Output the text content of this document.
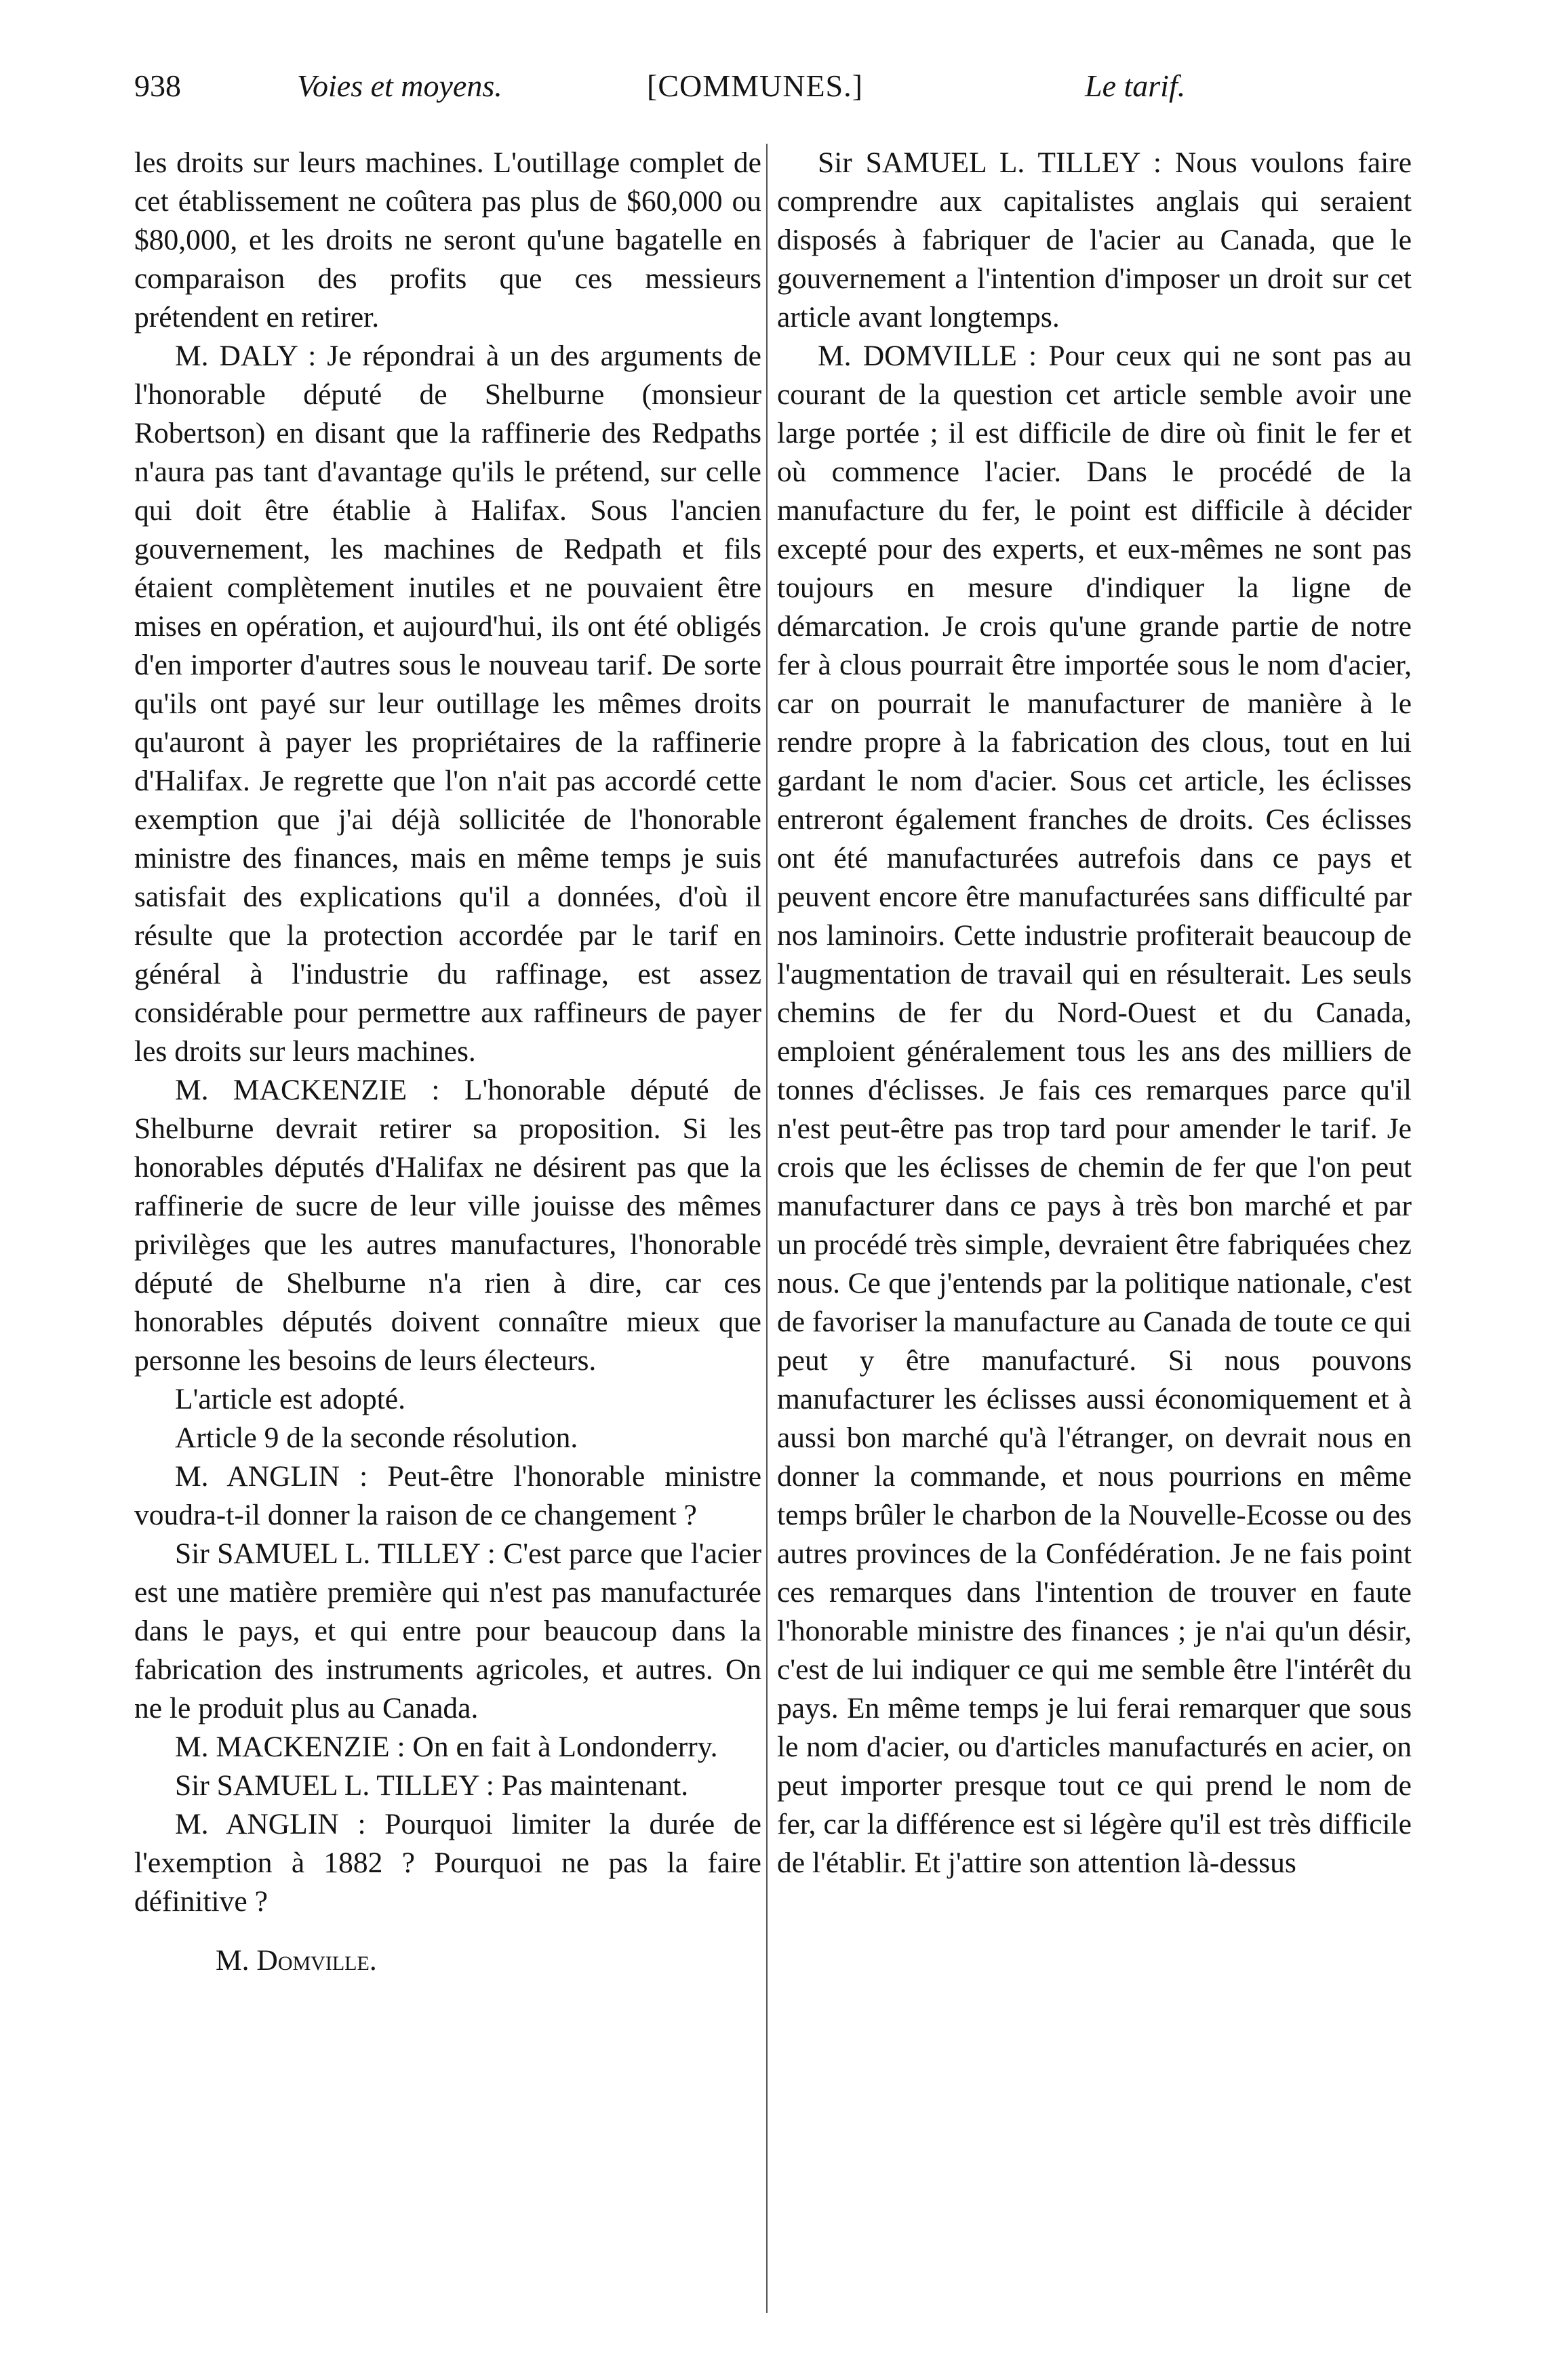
938	Voies et moyens.	[COMMUNES.]	Le tarif.

les droits sur leurs machines. L'outillage complet de cet établissement ne coûtera pas plus de $60,000 ou $80,000, et les droits ne seront qu'une bagatelle en comparaison des profits que ces messieurs prétendent en retirer.

M. DALY : Je répondrai à un des arguments de l'honorable député de Shelburne (monsieur Robertson) en disant que la raffinerie des Redpaths n'aura pas tant d'avantage qu'ils le prétend, sur celle qui doit être établie à Halifax. Sous l'ancien gouvernement, les machines de Redpath et fils étaient complètement inutiles et ne pouvaient être mises en opération, et aujourd'hui, ils ont été obligés d'en importer d'autres sous le nouveau tarif. De sorte qu'ils ont payé sur leur outillage les mêmes droits qu'auront à payer les propriétaires de la raffinerie d'Halifax. Je regrette que l'on n'ait pas accordé cette exemption que j'ai déjà sollicitée de l'honorable ministre des finances, mais en même temps je suis satisfait des explications qu'il a données, d'où il résulte que la protection accordée par le tarif en général à l'industrie du raffinage, est assez considérable pour permettre aux raffineurs de payer les droits sur leurs machines.

M. MACKENZIE : L'honorable député de Shelburne devrait retirer sa proposition. Si les honorables députés d'Halifax ne désirent pas que la raffinerie de sucre de leur ville jouisse des mêmes privilèges que les autres manufactures, l'honorable député de Shelburne n'a rien à dire, car ces honorables députés doivent connaître mieux que personne les besoins de leurs électeurs.

L'article est adopté.

Article 9 de la seconde résolution.

M. ANGLIN : Peut-être l'honorable ministre voudra-t-il donner la raison de ce changement ?

Sir SAMUEL L. TILLEY : C'est parce que l'acier est une matière première qui n'est pas manufacturée dans le pays, et qui entre pour beaucoup dans la fabrication des instruments agricoles, et autres. On ne le produit plus au Canada.

M. MACKENZIE : On en fait à Londonderry.

Sir SAMUEL L. TILLEY : Pas maintenant.

M. ANGLIN : Pourquoi limiter la durée de l'exemption à 1882 ? Pourquoi ne pas la faire définitive ?

M. Domville.

Sir SAMUEL L. TILLEY : Nous voulons faire comprendre aux capitalistes anglais qui seraient disposés à fabriquer de l'acier au Canada, que le gouvernement a l'intention d'imposer un droit sur cet article avant longtemps.

M. DOMVILLE : Pour ceux qui ne sont pas au courant de la question cet article semble avoir une large portée ; il est difficile de dire où finit le fer et où commence l'acier. Dans le procédé de la manufacture du fer, le point est difficile à décider excepté pour des experts, et eux-mêmes ne sont pas toujours en mesure d'indiquer la ligne de démarcation. Je crois qu'une grande partie de notre fer à clous pourrait être importée sous le nom d'acier, car on pourrait le manufacturer de manière à le rendre propre à la fabrication des clous, tout en lui gardant le nom d'acier. Sous cet article, les éclisses entreront également franches de droits. Ces éclisses ont été manufacturées autrefois dans ce pays et peuvent encore être manufacturées sans difficulté par nos laminoirs. Cette industrie profiterait beaucoup de l'augmentation de travail qui en résulterait. Les seuls chemins de fer du Nord-Ouest et du Canada, emploient généralement tous les ans des milliers de tonnes d'éclisses. Je fais ces remarques parce qu'il n'est peut-être pas trop tard pour amender le tarif. Je crois que les éclisses de chemin de fer que l'on peut manufacturer dans ce pays à très bon marché et par un procédé très simple, devraient être fabriquées chez nous. Ce que j'entends par la politique nationale, c'est de favoriser la manufacture au Canada de toute ce qui peut y être manufacturé. Si nous pouvons manufacturer les éclisses aussi économiquement et à aussi bon marché qu'à l'étranger, on devrait nous en donner la commande, et nous pourrions en même temps brûler le charbon de la Nouvelle-Ecosse ou des autres provinces de la Confédération. Je ne fais point ces remarques dans l'intention de trouver en faute l'honorable ministre des finances ; je n'ai qu'un désir, c'est de lui indiquer ce qui me semble être l'intérêt du pays. En même temps je lui ferai remarquer que sous le nom d'acier, ou d'articles manufacturés en acier, on peut importer presque tout ce qui prend le nom de fer, car la différence est si légère qu'il est très difficile de l'établir. Et j'attire son attention là-dessus
